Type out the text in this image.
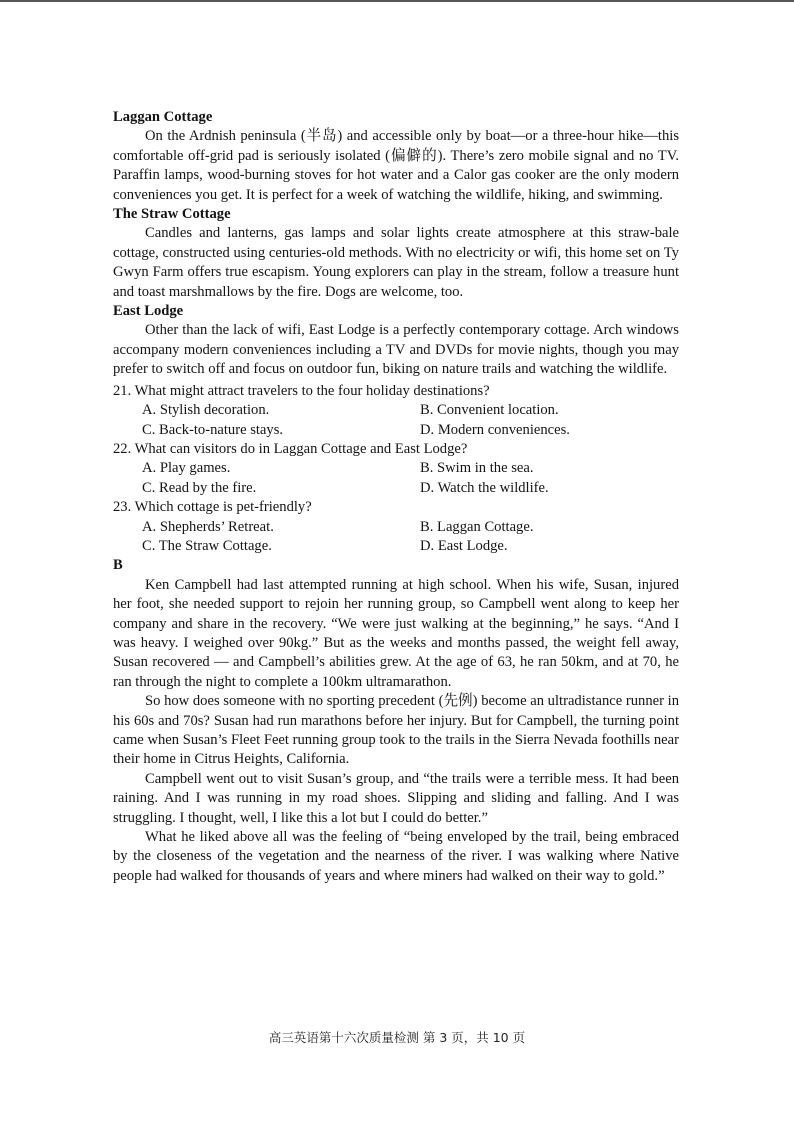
Laggan Cottage

On the Ardnish peninsula (半岛) and accessible only by boat—or a three-hour hike—this comfortable off-grid pad is seriously isolated (偏僻的). There’s zero mobile signal and no TV. Paraffin lamps, wood-burning stoves for hot water and a Calor gas cooker are the only modern conveniences you get. It is perfect for a week of watching the wildlife, hiking, and swimming.

The Straw Cottage

Candles and lanterns, gas lamps and solar lights create atmosphere at this straw-bale cottage, constructed using centuries-old methods. With no electricity or wifi, this home set on Ty Gwyn Farm offers true escapism. Young explorers can play in the stream, follow a treasure hunt and toast marshmallows by the fire. Dogs are welcome, too.

East Lodge

Other than the lack of wifi, East Lodge is a perfectly contemporary cottage. Arch windows accompany modern conveniences including a TV and DVDs for movie nights, though you may prefer to switch off and focus on outdoor fun, biking on nature trails and watching the wildlife.

21. What might attract travelers to the four holiday destinations?

A. Stylish decoration.	B. Convenient location.
C. Back-to-nature stays.	D. Modern conveniences.

22. What can visitors do in Laggan Cottage and East Lodge?

A. Play games.	B. Swim in the sea.
C. Read by the fire.	D. Watch the wildlife.

23. Which cottage is pet-friendly?

A. Shepherds’ Retreat.	B. Laggan Cottage.
C. The Straw Cottage.	D. East Lodge.

B

Ken Campbell had last attempted running at high school. When his wife, Susan, injured her foot, she needed support to rejoin her running group, so Campbell went along to keep her company and share in the recovery. “We were just walking at the beginning,” he says. “And I was heavy. I weighed over 90kg.” But as the weeks and months passed, the weight fell away, Susan recovered — and Campbell’s abilities grew. At the age of 63, he ran 50km, and at 70, he ran through the night to complete a 100km ultramarathon.

So how does someone with no sporting precedent (先例) become an ultradistance runner in his 60s and 70s? Susan had run marathons before her injury. But for Campbell, the turning point came when Susan’s Fleet Feet running group took to the trails in the Sierra Nevada foothills near their home in Citrus Heights, California.

Campbell went out to visit Susan’s group, and “the trails were a terrible mess. It had been raining. And I was running in my road shoes. Slipping and sliding and falling. And I was struggling. I thought, well, I like this a lot but I could do better.”

What he liked above all was the feeling of “being enveloped by the trail, being embraced by the closeness of the vegetation and the nearness of the river. I was walking where Native people had walked for thousands of years and where miners had walked on their way to gold.”

高三英语第十六次质量检测 第 3 页，共 10 页
